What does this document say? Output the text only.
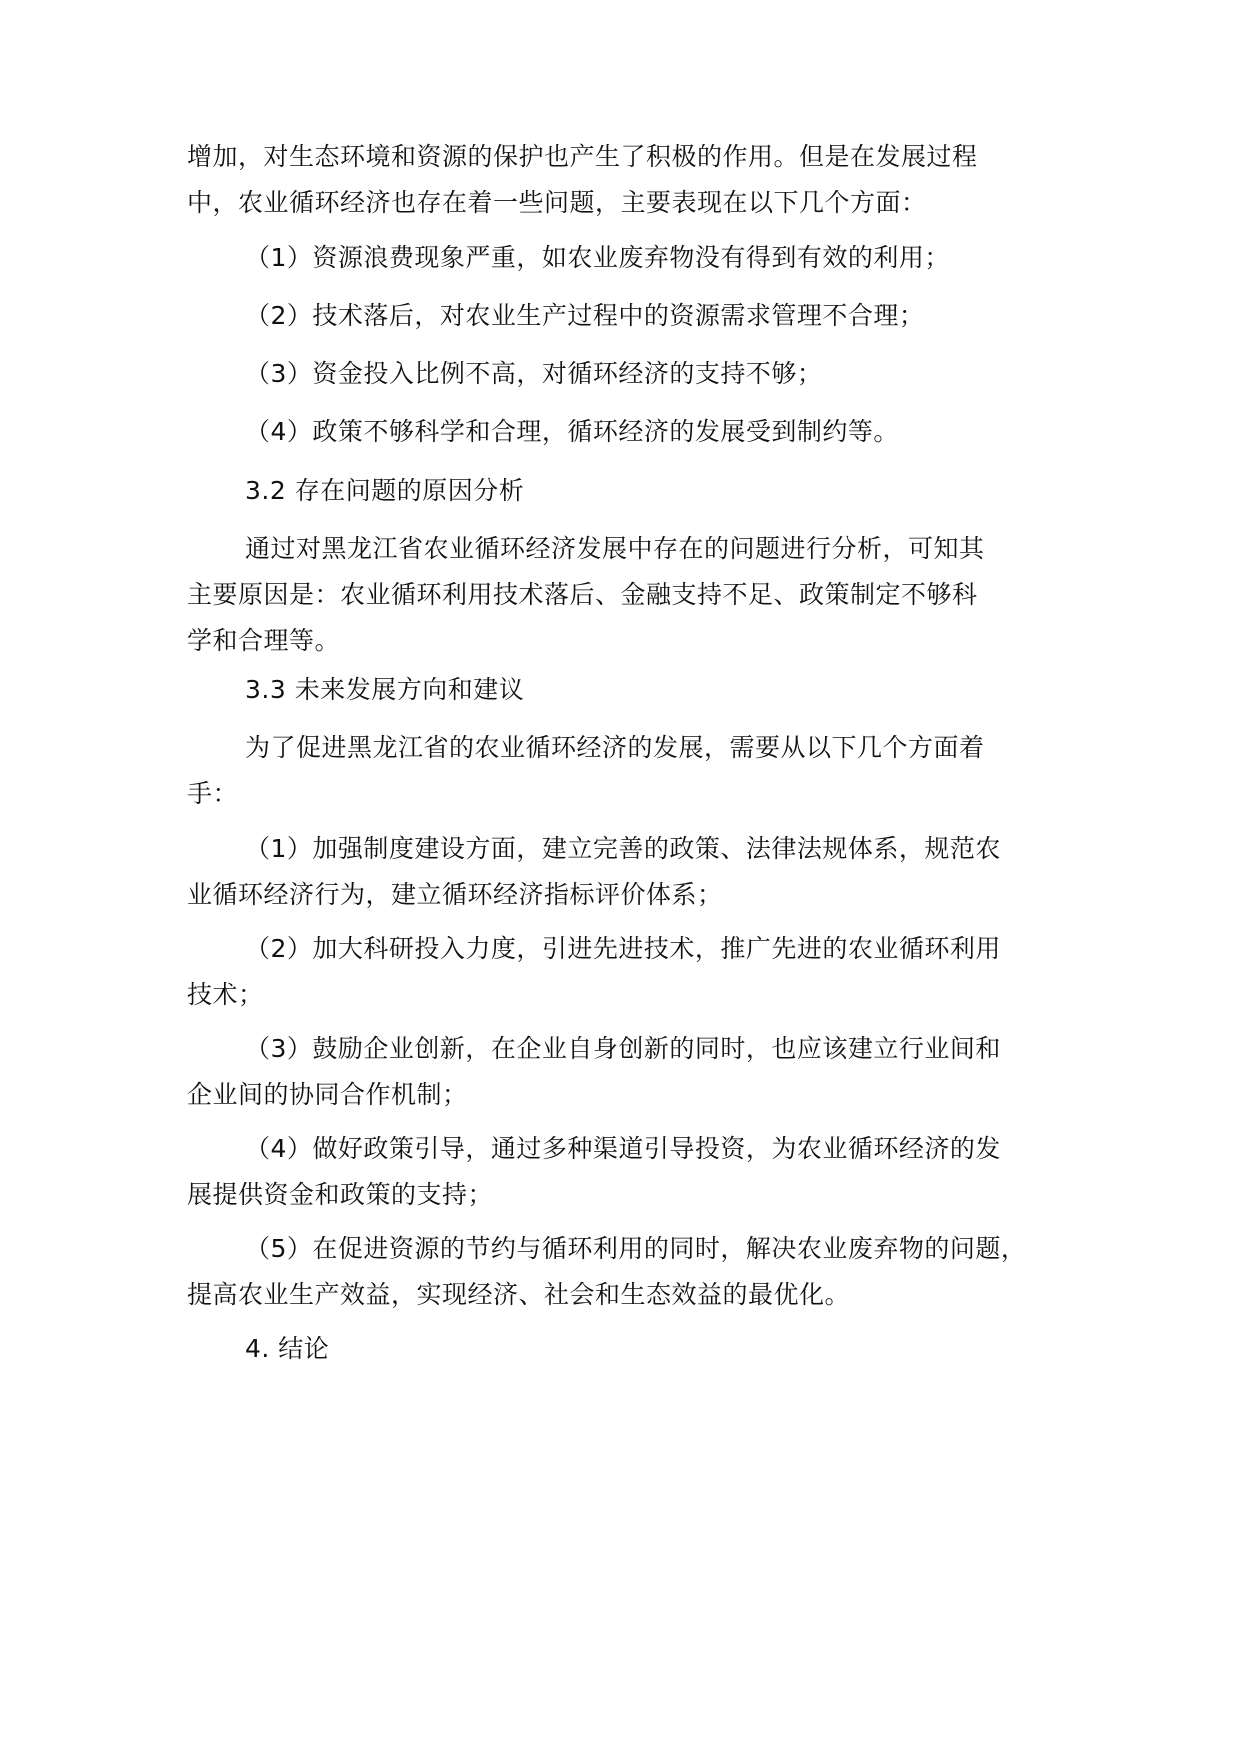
增加，对生态环境和资源的保护也产生了积极的作用。但是在发展过程
中，农业循环经济也存在着一些问题，主要表现在以下几个方面：
（1）资源浪费现象严重，如农业废弃物没有得到有效的利用；
（2）技术落后，对农业生产过程中的资源需求管理不合理；
（3）资金投入比例不高，对循环经济的支持不够；
（4）政策不够科学和合理，循环经济的发展受到制约等。
3.2 存在问题的原因分析
通过对黑龙江省农业循环经济发展中存在的问题进行分析，可知其
主要原因是：农业循环利用技术落后、金融支持不足、政策制定不够科
学和合理等。
3.3 未来发展方向和建议
为了促进黑龙江省的农业循环经济的发展，需要从以下几个方面着
手：
（1）加强制度建设方面，建立完善的政策、法律法规体系，规范农
业循环经济行为，建立循环经济指标评价体系；
（2）加大科研投入力度，引进先进技术，推广先进的农业循环利用
技术；
（3）鼓励企业创新，在企业自身创新的同时，也应该建立行业间和
企业间的协同合作机制；
（4）做好政策引导，通过多种渠道引导投资，为农业循环经济的发
展提供资金和政策的支持；
（5）在促进资源的节约与循环利用的同时，解决农业废弃物的问题，
提高农业生产效益，实现经济、社会和生态效益的最优化。
4. 结论
